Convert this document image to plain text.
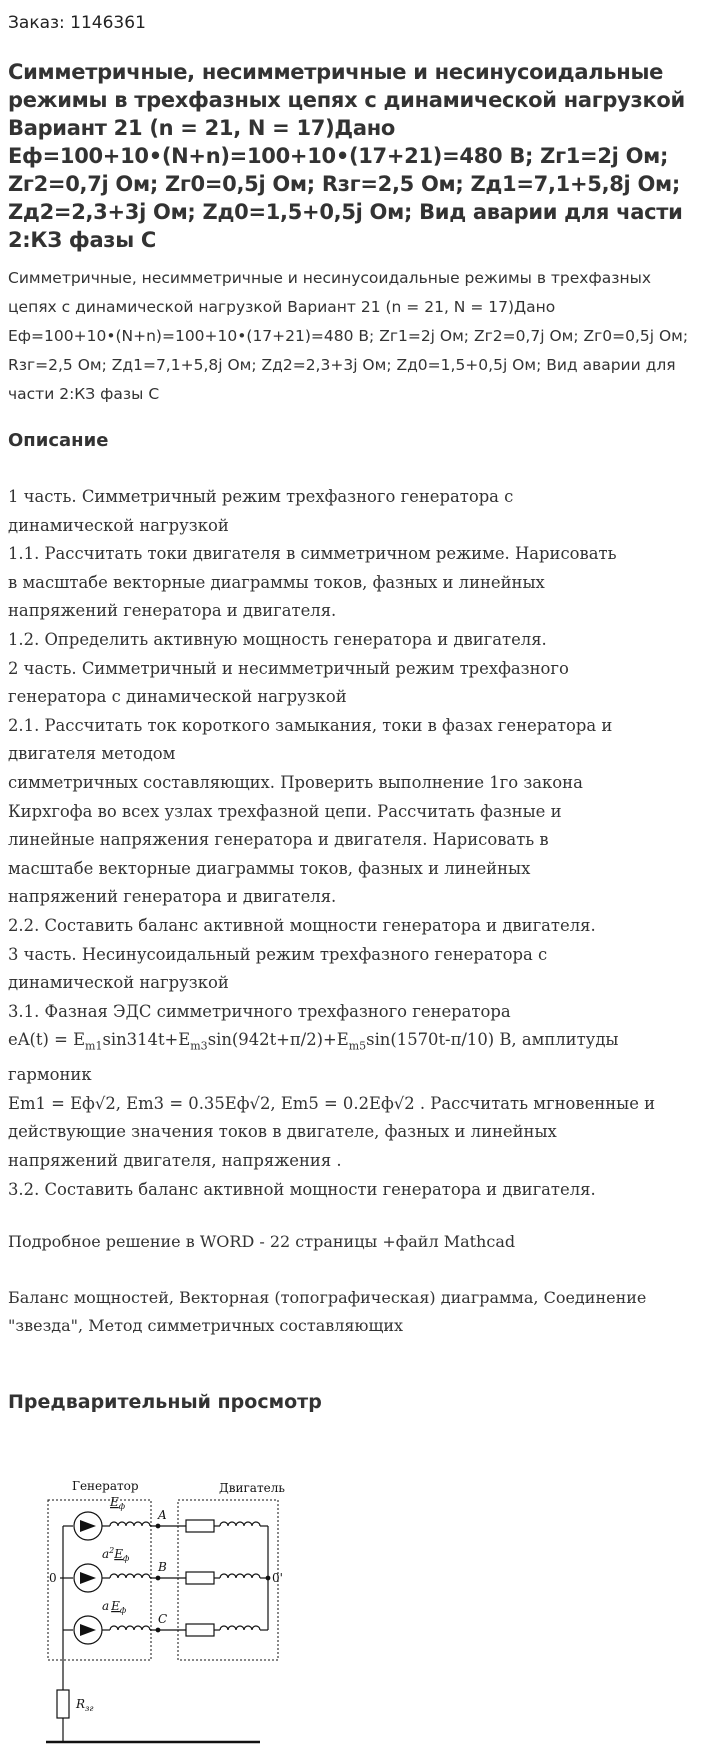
Заказ: 1146361
Симметричные, несимметричные и несинусоидальные режимы в трехфазных цепях с динамической нагрузкой Вариант 21 (n = 21, N = 17)Дано Еф=100+10•(N+n)=100+10•(17+21)=480 В; Zг1=2j Ом; Zг2=0,7j Ом; Zг0=0,5j Ом; Rзг=2,5 Ом; Zд1=7,1+5,8j Ом; Zд2=2,3+3j Ом; Zд0=1,5+0,5j Ом; Вид аварии для части 2:КЗ фазы С
Симметричные, несимметричные и несинусоидальные режимы в трехфазных цепях с динамической нагрузкой Вариант 21 (n = 21, N = 17)Дано Еф=100+10•(N+n)=100+10•(17+21)=480 В; Zг1=2j Ом; Zг2=0,7j Ом; Zг0=0,5j Ом; Rзг=2,5 Ом; Zд1=7,1+5,8j Ом; Zд2=2,3+3j Ом; Zд0=1,5+0,5j Ом; Вид аварии для части 2:КЗ фазы С
Описание
1 часть. Симметричный режим трехфазного генератора с
динамической нагрузкой
1.1. Рассчитать токи двигателя в симметричном режиме. Нарисовать
в масштабе векторные диаграммы токов, фазных и линейных
напряжений генератора и двигателя.
1.2. Определить активную мощность генератора и двигателя.
2 часть. Симметричный и несимметричный режим трехфазного
генератора с динамической нагрузкой
2.1. Рассчитать ток короткого замыкания, токи в фазах генератора и
двигателя методом
симметричных составляющих. Проверить выполнение 1го закона
Кирхгофа во всех узлах трехфазной цепи. Рассчитать фазные и
линейные напряжения генератора и двигателя. Нарисовать в
масштабе векторные диаграммы токов, фазных и линейных
напряжений генератора и двигателя.
2.2. Составить баланс активной мощности генератора и двигателя.
3 часть. Несинусоидальный режим трехфазного генератора с
динамической нагрузкой
3.1. Фазная ЭДС симметричного трехфазного генератора
$eA(t) = E_{m1}\sin 314t+E_{m3}\sin(942t+\pi/2)+E_{m5}\sin(1570t-\pi/10)$ В, амплитуды
гармоник
Em1 = Еф√2, Em3 = 0.35Еф√2, Em5 = 0.2Еф√2 . Рассчитать мгновенные и
действующие значения токов в двигателе, фазных и линейных
напряжений двигателя, напряжения .
3.2. Составить баланс активной мощности генератора и двигателя.
Подробное решение в WORD - 22 страницы +файл Mathcad
Баланс мощностей, Векторная (топографическая) диаграмма, Соединение "звезда", Метод симметричных составляющих
Предварительный просмотр
Генератор	Двигатель
0
$R_{зг}$
A
$E_ф$
B
$a^2E_ф$
C
a $E_ф$
0'
